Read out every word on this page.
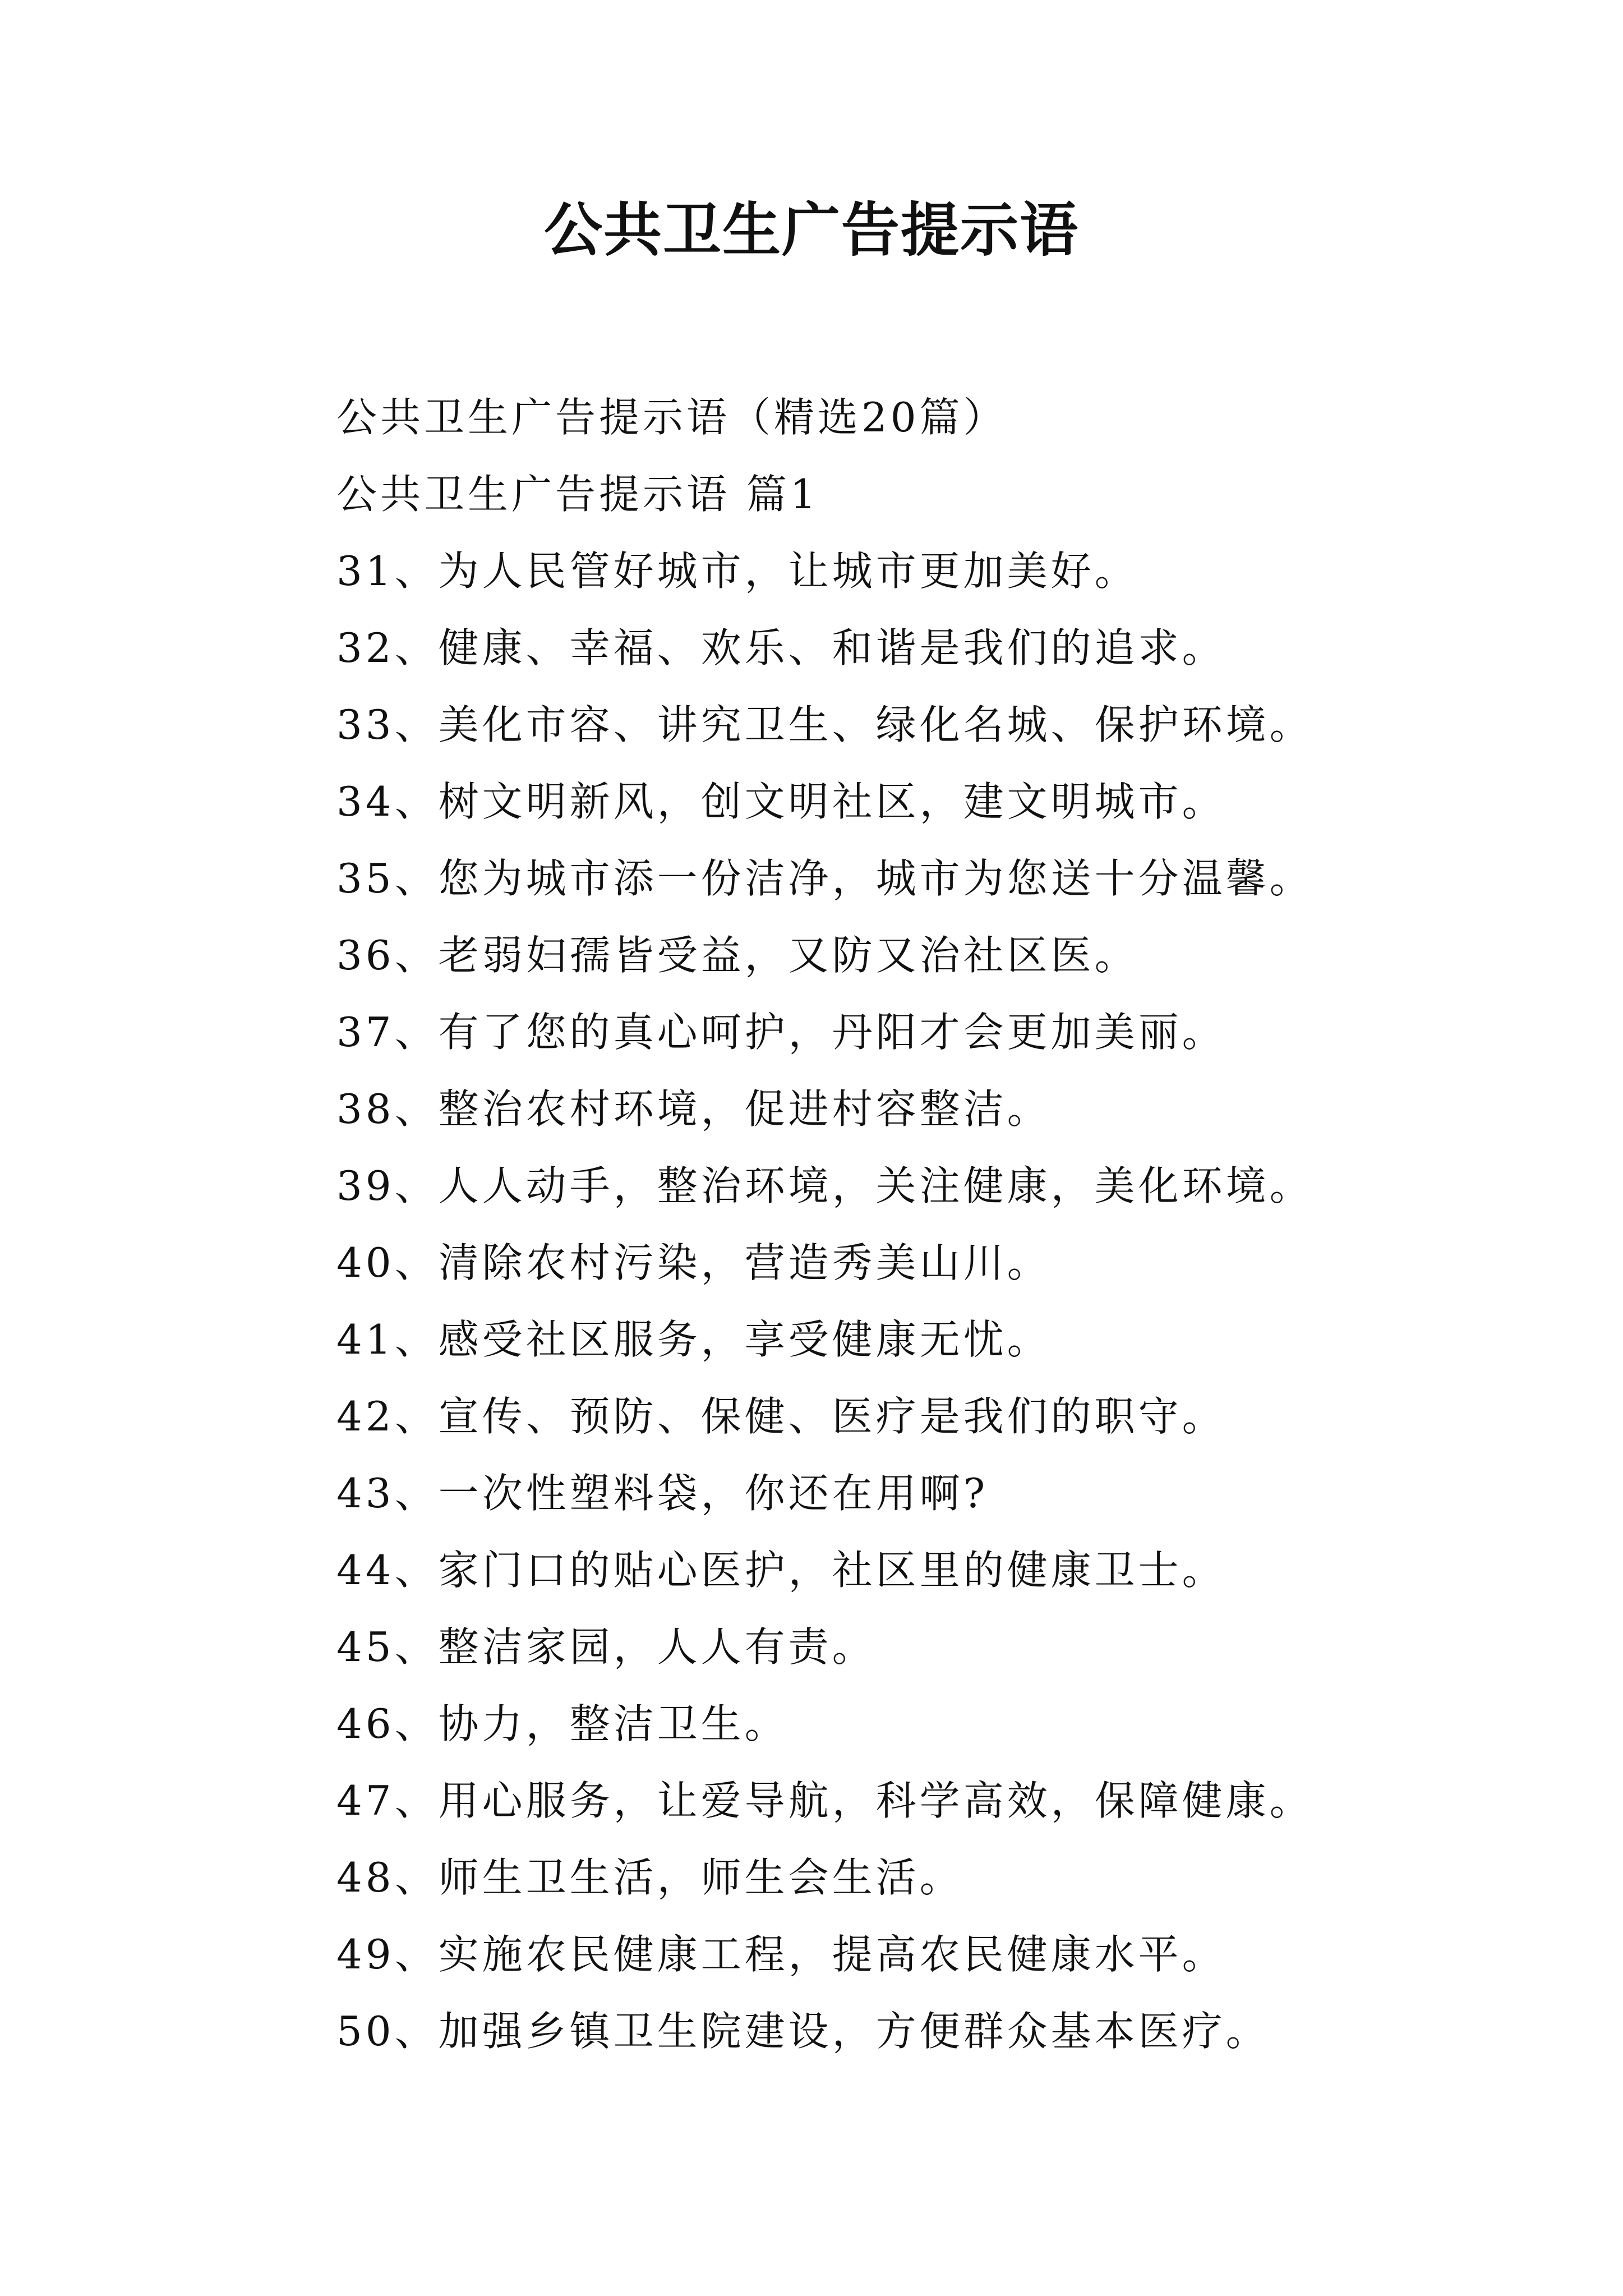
公共卫生广告提示语
公共卫生广告提示语（精选20篇）
公共卫生广告提示语 篇1
31、为人民管好城市，让城市更加美好。
32、健康、幸福、欢乐、和谐是我们的追求。
33、美化市容、讲究卫生、绿化名城、保护环境。
34、树文明新风，创文明社区，建文明城市。
35、您为城市添一份洁净，城市为您送十分温馨。
36、老弱妇孺皆受益，又防又治社区医。
37、有了您的真心呵护，丹阳才会更加美丽。
38、整治农村环境，促进村容整洁。
39、人人动手，整治环境，关注健康，美化环境。
40、清除农村污染，营造秀美山川。
41、感受社区服务，享受健康无忧。
42、宣传、预防、保健、医疗是我们的职守。
43、一次性塑料袋，你还在用啊?
44、家门口的贴心医护，社区里的健康卫士。
45、整洁家园，人人有责。
46、协力，整洁卫生。
47、用心服务，让爱导航，科学高效，保障健康。
48、师生卫生活，师生会生活。
49、实施农民健康工程，提高农民健康水平。
50、加强乡镇卫生院建设，方便群众基本医疗。
